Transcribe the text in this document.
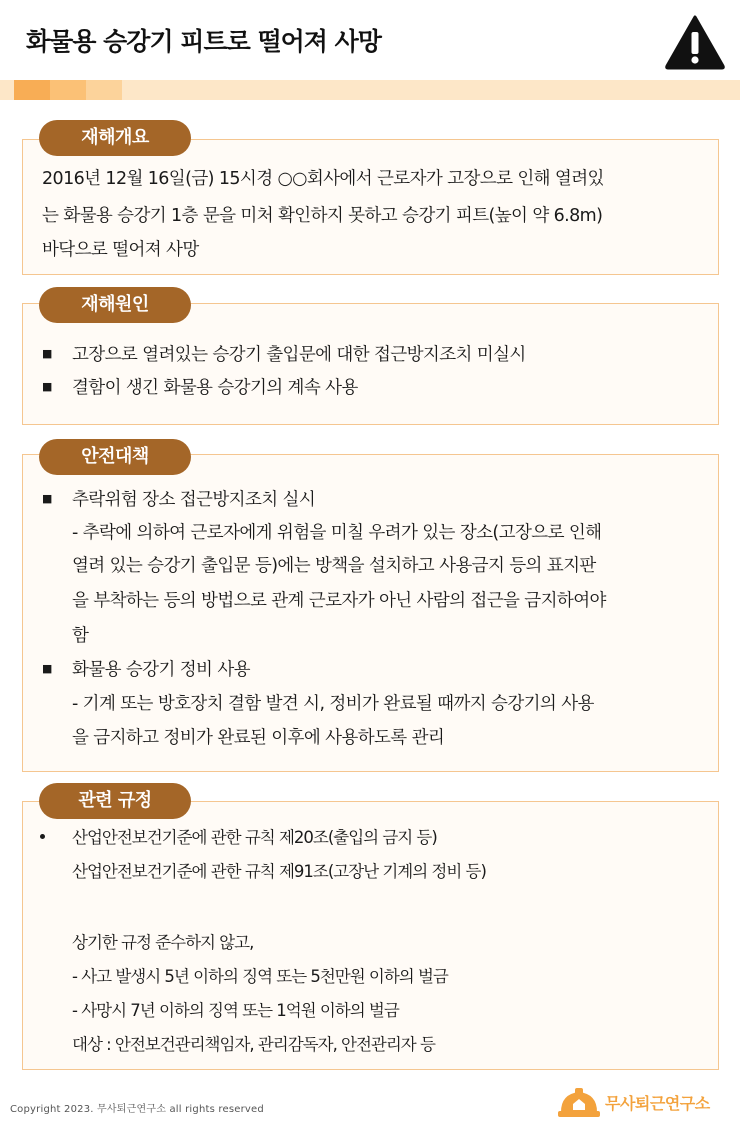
화물용 승강기 피트로 떨어져 사망
재해개요
2016년 12월 16일(금) 15시경 ○○회사에서 근로자가 고장으로 인해 열려있
는 화물용 승강기 1층 문을 미처 확인하지 못하고 승강기 피트(높이 약 6.8m)
바닥으로 떨어져 사망
재해원인
■ 고장으로 열려있는 승강기 출입문에 대한 접근방지조치 미실시
■ 결함이 생긴 화물용 승강기의 계속 사용
안전대책
■ 추락위험 장소 접근방지조치 실시
- 추락에 의하여 근로자에게 위험을 미칠 우려가 있는 장소(고장으로 인해
열려 있는 승강기 출입문 등)에는 방책을 설치하고 사용금지 등의 표지판
을 부착하는 등의 방법으로 관계 근로자가 아닌 사람의 접근을 금지하여야
함
■ 화물용 승강기 정비 사용
- 기계 또는 방호장치 결함 발견 시, 정비가 완료될 때까지 승강기의 사용
을 금지하고 정비가 완료된 이후에 사용하도록 관리
관련 규정
산업안전보건기준에 관한 규칙 제20조(출입의 금지 등)
산업안전보건기준에 관한 규칙 제91조(고장난 기계의 정비 등)
상기한 규정 준수하지 않고,
- 사고 발생시 5년 이하의 징역 또는 5천만원 이하의 벌금
- 사망시 7년 이하의 징역 또는 1억원 이하의 벌금
대상 : 안전보건관리책임자, 관리감독자, 안전관리자 등
Copyright 2023. 무사퇴근연구소 all rights reserved	무사퇴근연구소
